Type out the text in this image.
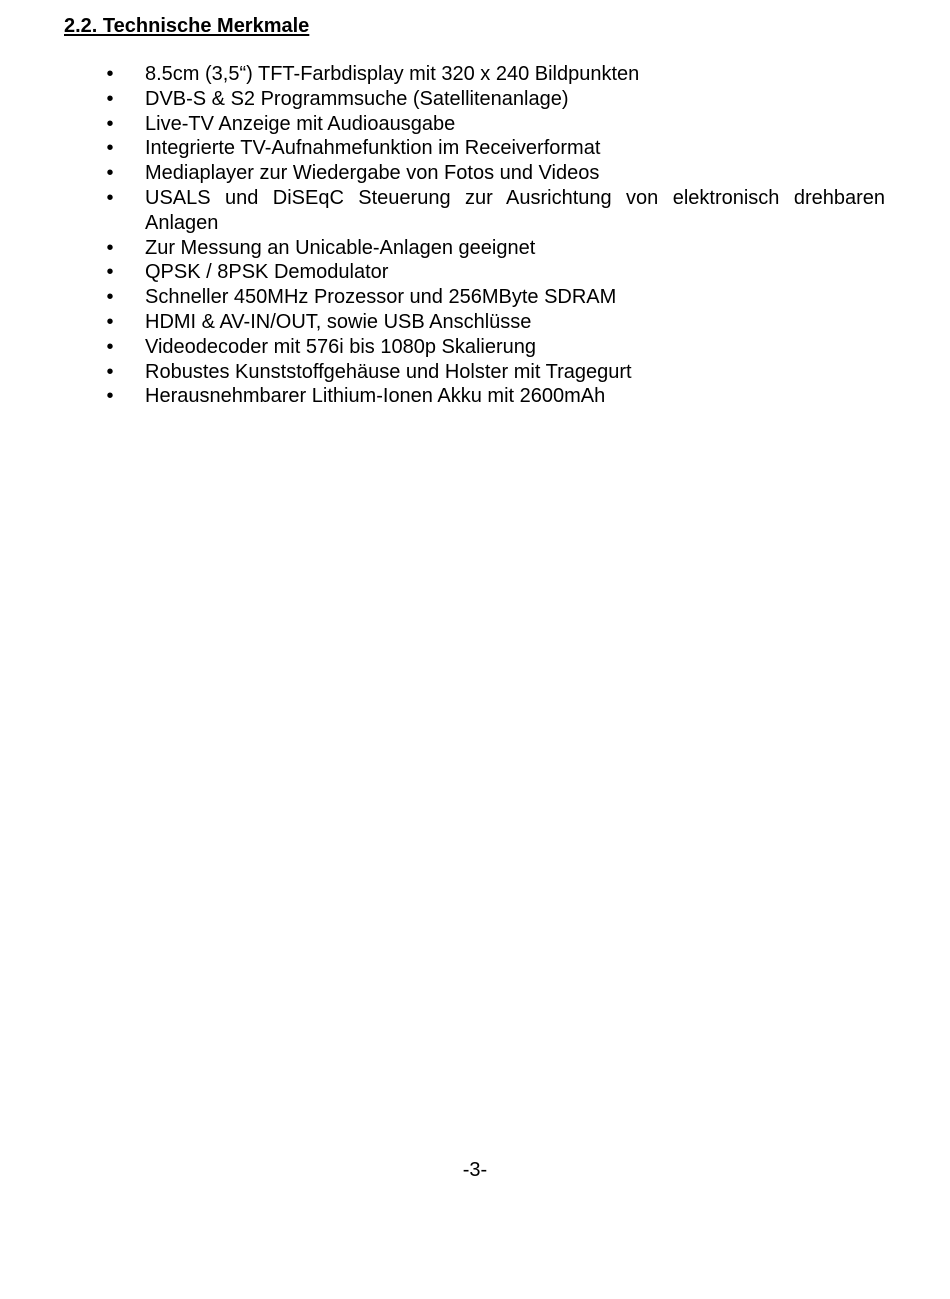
2.2. Technische Merkmale
• 8.5cm (3,5“) TFT-Farbdisplay mit 320 x 240 Bildpunkten
• DVB-S & S2 Programmsuche (Satellitenanlage)
• Live-TV Anzeige mit Audioausgabe
• Integrierte TV-Aufnahmefunktion im Receiverformat
• Mediaplayer zur Wiedergabe von Fotos und Videos
• USALS und DiSEqC Steuerung zur Ausrichtung von elektronisch drehbaren Anlagen
• Zur Messung an Unicable-Anlagen geeignet
• QPSK / 8PSK Demodulator
• Schneller 450MHz Prozessor und 256MByte SDRAM
• HDMI & AV-IN/OUT, sowie USB Anschlüsse
• Videodecoder mit 576i bis 1080p Skalierung
• Robustes Kunststoffgehäuse und Holster mit Tragegurt
• Herausnehmbarer Lithium-Ionen Akku mit 2600mAh
-3-
